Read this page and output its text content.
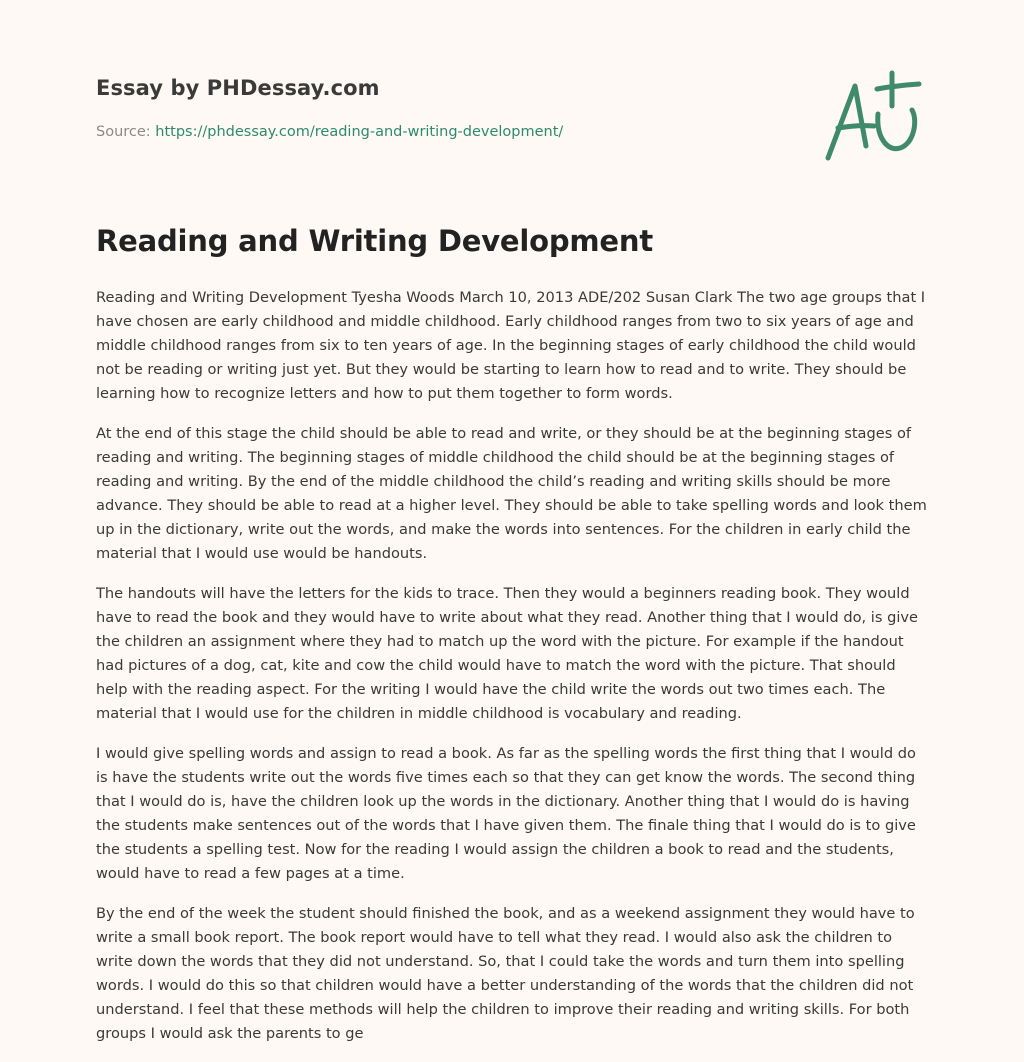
Essay by PHDessay.com

Source: https://phdessay.com/reading-and-writing-development/

Reading and Writing Development

Reading and Writing Development Tyesha Woods March 10, 2013 ADE/202 Susan Clark The two age groups that I have chosen are early childhood and middle childhood. Early childhood ranges from two to six years of age and middle childhood ranges from six to ten years of age. In the beginning stages of early childhood the child would not be reading or writing just yet. But they would be starting to learn how to read and to write. They should be learning how to recognize letters and how to put them together to form words.

At the end of this stage the child should be able to read and write, or they should be at the beginning stages of reading and writing. The beginning stages of middle childhood the child should be at the beginning stages of reading and writing. By the end of the middle childhood the child’s reading and writing skills should be more advance. They should be able to read at a higher level. They should be able to take spelling words and look them up in the dictionary, write out the words, and make the words into sentences. For the children in early child the material that I would use would be handouts.

The handouts will have the letters for the kids to trace. Then they would a beginners reading book. They would have to read the book and they would have to write about what they read. Another thing that I would do, is give the children an assignment where they had to match up the word with the picture. For example if the handout had pictures of a dog, cat, kite and cow the child would have to match the word with the picture. That should help with the reading aspect. For the writing I would have the child write the words out two times each. The material that I would use for the children in middle childhood is vocabulary and reading.

I would give spelling words and assign to read a book. As far as the spelling words the first thing that I would do is have the students write out the words five times each so that they can get know the words. The second thing that I would do is, have the children look up the words in the dictionary. Another thing that I would do is having the students make sentences out of the words that I have given them. The finale thing that I would do is to give the students a spelling test. Now for the reading I would assign the children a book to read and the students, would have to read a few pages at a time.

By the end of the week the student should finished the book, and as a weekend assignment they would have to write a small book report. The book report would have to tell what they read. I would also ask the children to write down the words that they did not understand. So, that I could take the words and turn them into spelling words. I would do this so that children would have a better understanding of the words that the children did not understand. I feel that these methods will help the children to improve their reading and writing skills. For both groups I would ask the parents to ge
